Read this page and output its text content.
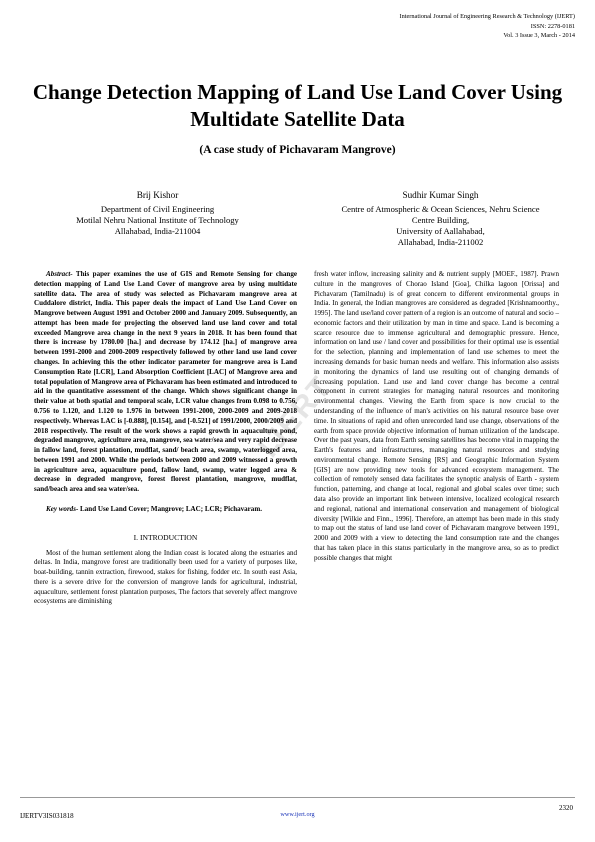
International Journal of Engineering Research & Technology (IJERT)
ISSN: 2278-0181
Vol. 3 Issue 3, March - 2014
Change Detection Mapping of Land Use Land Cover Using Multidate Satellite Data
(A case study of Pichavaram Mangrove)
Brij Kishor
Department of Civil Engineering
Motilal Nehru National Institute of Technology
Allahabad, India-211004
Sudhir Kumar Singh
Centre of Atmospheric & Ocean Sciences, Nehru Science
Centre Building,
University of Aallahabad,
Allahabad, India-211002

Abstract- This paper examines the use of GIS and Remote Sensing for change detection mapping of Land Use Land Cover of mangrove area by using multidate satellite data. The area of study was selected as Pichavaram mangrove area at Cuddalore district, India. This paper deals the impact of Land Use Land Cover on Mangrove between August 1991 and October 2000 and January 2009. Subsequently, an attempt has been made for projecting the observed land use land cover and total exceeded Mangrove area change in the next 9 years in 2018. It has been found that there is increase by 1780.00 [ha.] and decrease by 174.12 [ha.] of mangrove area between 1991-2000 and 2000-2009 respectively followed by other land use land cover changes. In achieving this the other indicator parameter for mangrove area is Land Consumption Rate [LCR], Land Absorption Coefficient [LAC] of Mangrove area and total population of Mangrove area of Pichavaram has been estimated and introduced to aid in the quantitative assessment of the change. Which shows significant change in their value at both spatial and temporal scale, LCR value changes from 0.098 to 0.756, 0.756 to 1.120, and 1.120 to 1.976 in between 1991-2000, 2000-2009 and 2009-2018 respectively. Whereas LAC is [-0.888], [0.154], and [-0.521] of 1991/2000, 2000/2009 and 2018 respectively. The result of the work shows a rapid growth in aquaculture pond, degraded mangrove, agriculture area, mangrove, sea water/sea and very rapid decrease in fallow land, forest plantation, mudflat, sand/ beach area, swamp, waterlogged area, between 1991 and 2000. While the periods between 2000 and 2009 witnessed a growth in agriculture area, aquaculture pond, fallow land, swamp, water logged area & decrease in degraded mangrove, forest florest plantation, mangrove, mudflat, sand/beach area and sea water/sea.

Key words- Land Use Land Cover; Mangrove; LAC; LCR; Pichavaram.

I. INTRODUCTION

Most of the human settlement along the Indian coast is located along the estuaries and deltas. In India, mangrove forest are traditionally been used for a variety of purposes like, boat-building, tannin extraction, firewood, stakes for fishing, fodder etc. In south east Asia, there is a severe drive for the conversion of mangrove lands for agricultural, industrial, aquaculture, settlement forest plantation purposes, The factors that severely affect mangrove ecosystems are diminishing

fresh water inflow, increasing salinity and & nutrient supply [MOEF., 1987]. Prawn culture in the mangroves of Chorao Island [Goa], Chilka lagoon [Orissa] and Pichavaram (Tamilnadu) is of great concern to different environmental groups in India. In general, the Indian mangroves are considered as degraded [Krishnamoorthy., 1995]. The land use/land cover pattern of a region is an outcome of natural and socio – economic factors and their utilization by man in time and space. Land is becoming a scarce resource due to immense agricultural and demographic pressure. Hence, information on land use / land cover and possibilities for their optimal use is essential for the selection, planning and implementation of land use schemes to meet the increasing demands for basic human needs and welfare. This information also assists in monitoring the dynamics of land use resulting out of changing demands of increasing population. Land use and land cover change has become a central component in current strategies for managing natural resources and monitoring environmental changes. Viewing the Earth from space is now crucial to the understanding of the influence of man's activities on his natural resource base over time. In situations of rapid and often unrecorded land use change, observations of the earth from space provide objective information of human utilization of the landscape. Over the past years, data from Earth sensing satellites has become vital in mapping the Earth's features and infrastructures, managing natural resources and studying environmental change. Remote Sensing [RS] and Geographic Information System [GIS] are now providing new tools for advanced ecosystem management. The collection of remotely sensed data facilitates the synoptic analysis of Earth - system function, patterning, and change at local, regional and global scales over time; such data also provide an important link between intensive, localized ecological research and regional, national and international conservation and management of biological diversity [Wilkie and Finn., 1996]. Therefore, an attempt has been made in this study to map out the status of land use land cover of Pichavaram mangrove between 1991, 2000 and 2009 with a view to detecting the land consumption rate and the changes that has taken place in this status particularly in the mangrove area, so as to predict possible changes that might

IJERT
IJERTV3IS031818	www.ijert.org
2320
